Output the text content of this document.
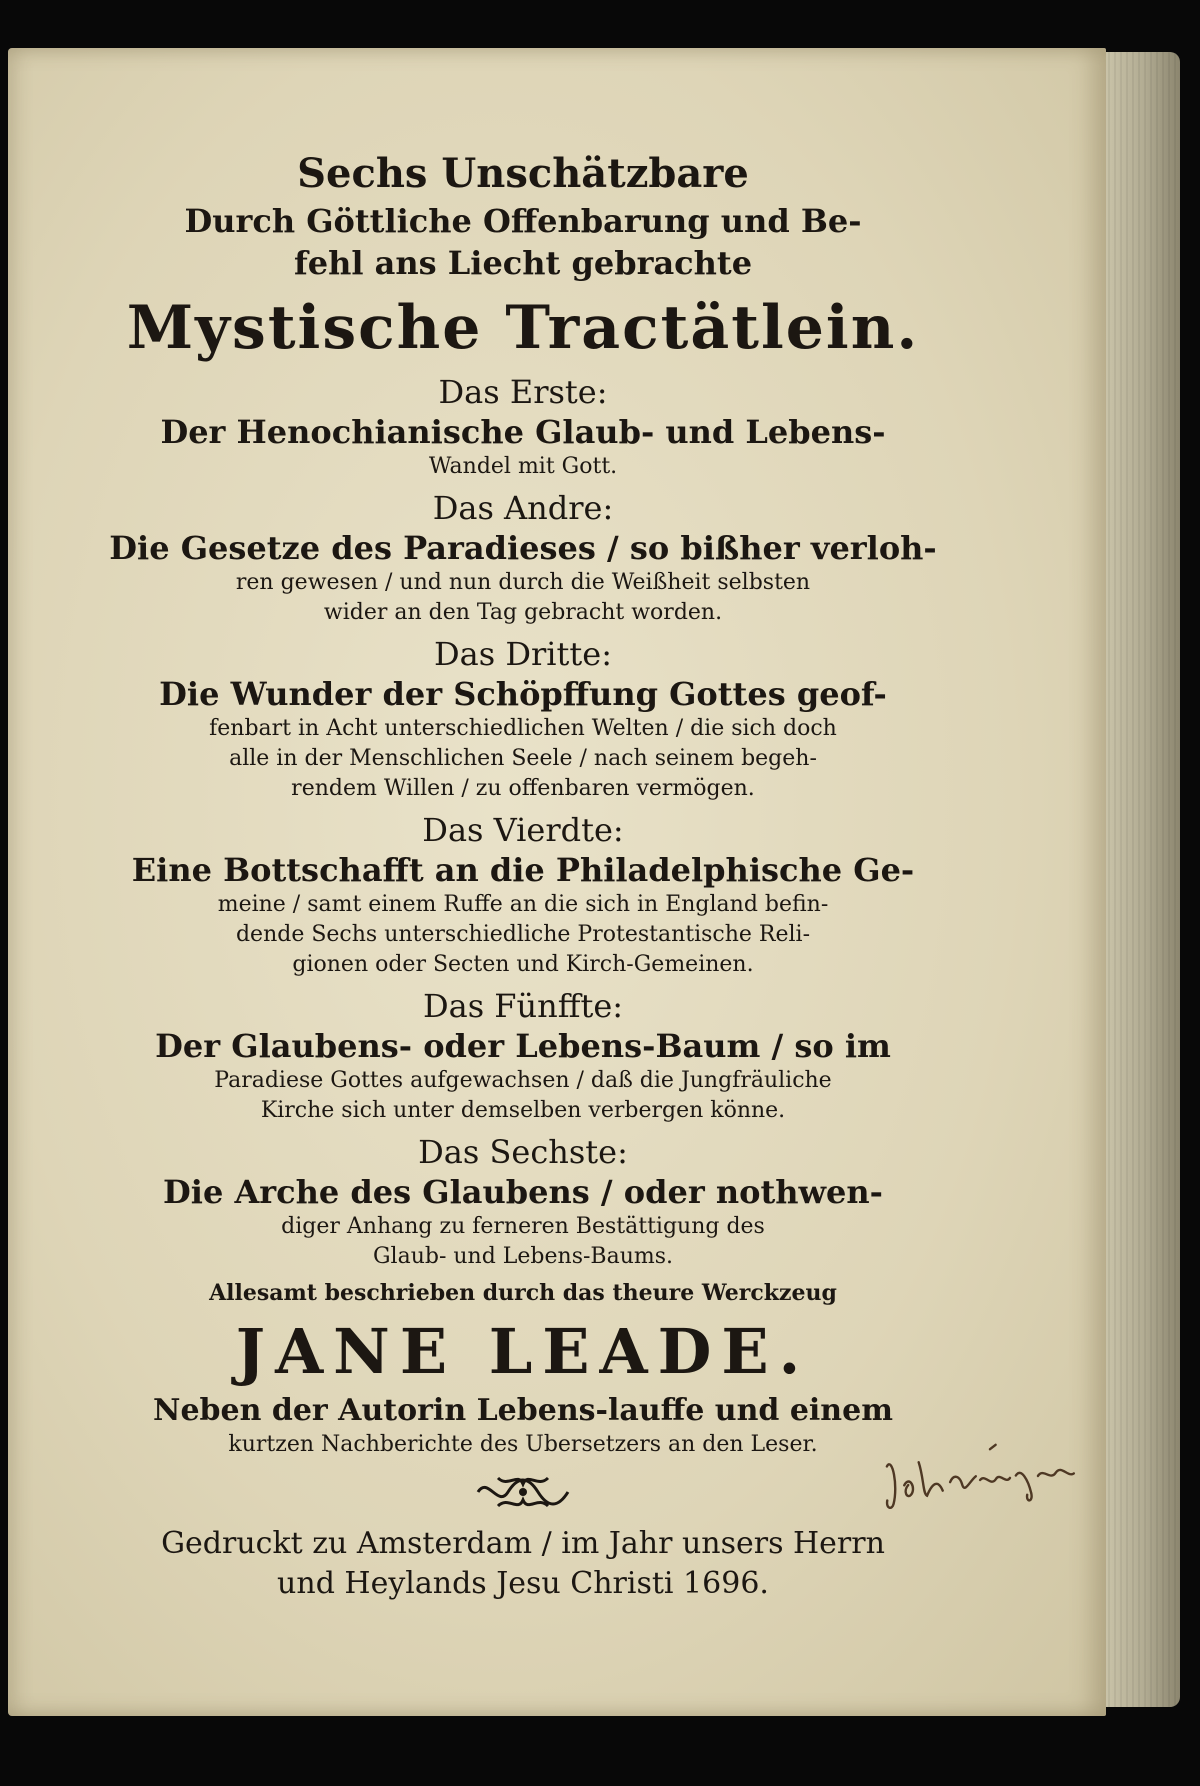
Sechs Unschätzbare
Durch Göttliche Offenbarung und Be-
fehl ans Liecht gebrachte
Mystische Tractätlein.
Das Erste:
Der Henochianische Glaub- und Lebens-
Wandel mit Gott.
Das Andre:
Die Gesetze des Paradieses / so bißher verloh-
ren gewesen / und nun durch die Weißheit selbsten
wider an den Tag gebracht worden.
Das Dritte:
Die Wunder der Schöpffung Gottes geof-
fenbart in Acht unterschiedlichen Welten / die sich doch
alle in der Menschlichen Seele / nach seinem begeh-
rendem Willen / zu offenbaren vermögen.
Das Vierdte:
Eine Bottschafft an die Philadelphische Ge-
meine / samt einem Ruffe an die sich in England befin-
dende Sechs unterschiedliche Protestantische Reli-
gionen oder Secten und Kirch-Gemeinen.
Das Fünffte:
Der Glaubens- oder Lebens-Baum / so im
Paradiese Gottes aufgewachsen / daß die Jungfräuliche
Kirche sich unter demselben verbergen könne.
Das Sechste:
Die Arche des Glaubens / oder nothwen-
diger Anhang zu ferneren Bestättigung des
Glaub- und Lebens-Baums.
Allesamt beschrieben durch das theure Werckzeug
JANE LEADE.
Neben der Autorin Lebens-lauffe und einem
kurtzen Nachberichte des Ubersetzers an den Leser.
Gedruckt zu Amsterdam / im Jahr unsers Herrn
und Heylands Jesu Christi 1696.
